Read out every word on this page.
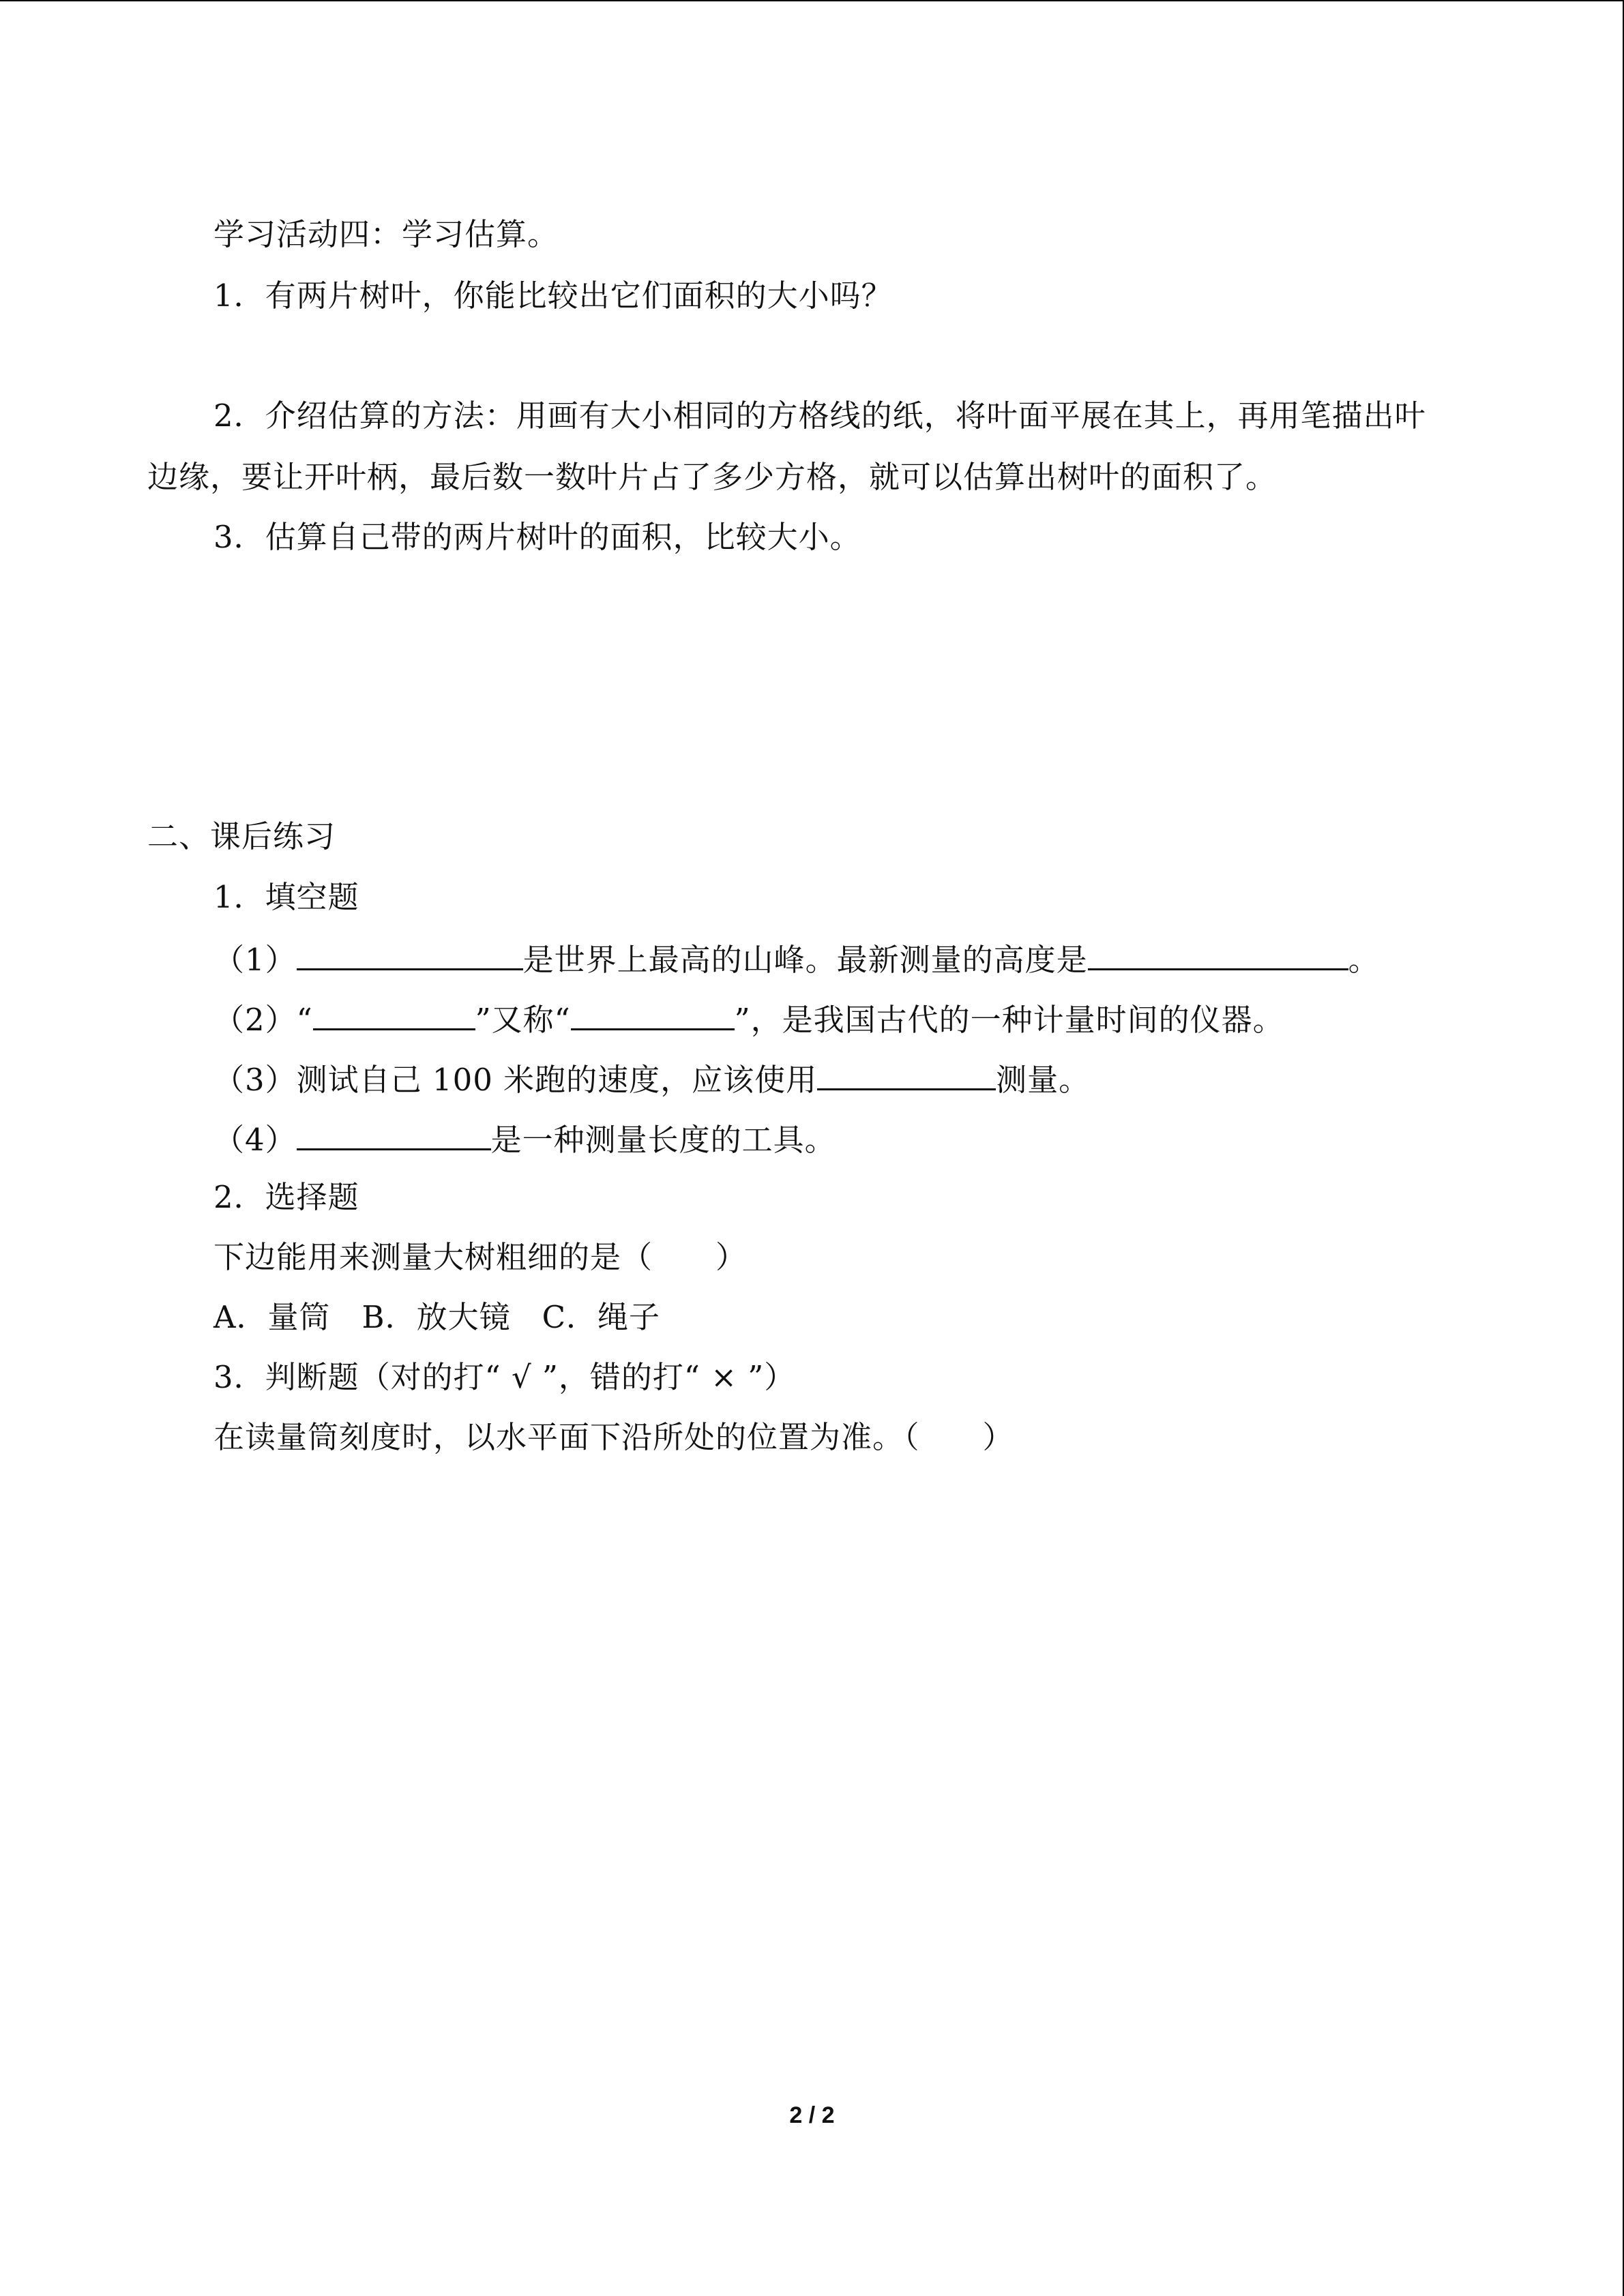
学习活动四：学习估算。
1．有两片树叶，你能比较出它们面积的大小吗？
2．介绍估算的方法：用画有大小相同的方格线的纸，将叶面平展在其上，再用笔描出叶
边缘，要让开叶柄，最后数一数叶片占了多少方格，就可以估算出树叶的面积了。
3．估算自己带的两片树叶的面积，比较大小。
二、课后练习
1．填空题
（1）	是世界上最高的山峰。最新测量的高度是	。
（2）“	”又称“	”，是我国古代的一种计量时间的仪器。
（3）测试自己 100 米跑的速度，应该使用	测量。
（4）	是一种测量长度的工具。
2．选择题
下边能用来测量大树粗细的是（　　）
A．量筒　B．放大镜　C．绳子
3．判断题（对的打“ √ ”，错的打“ × ”）
在读量筒刻度时，以水平面下沿所处的位置为准。（　　）
2 / 2
